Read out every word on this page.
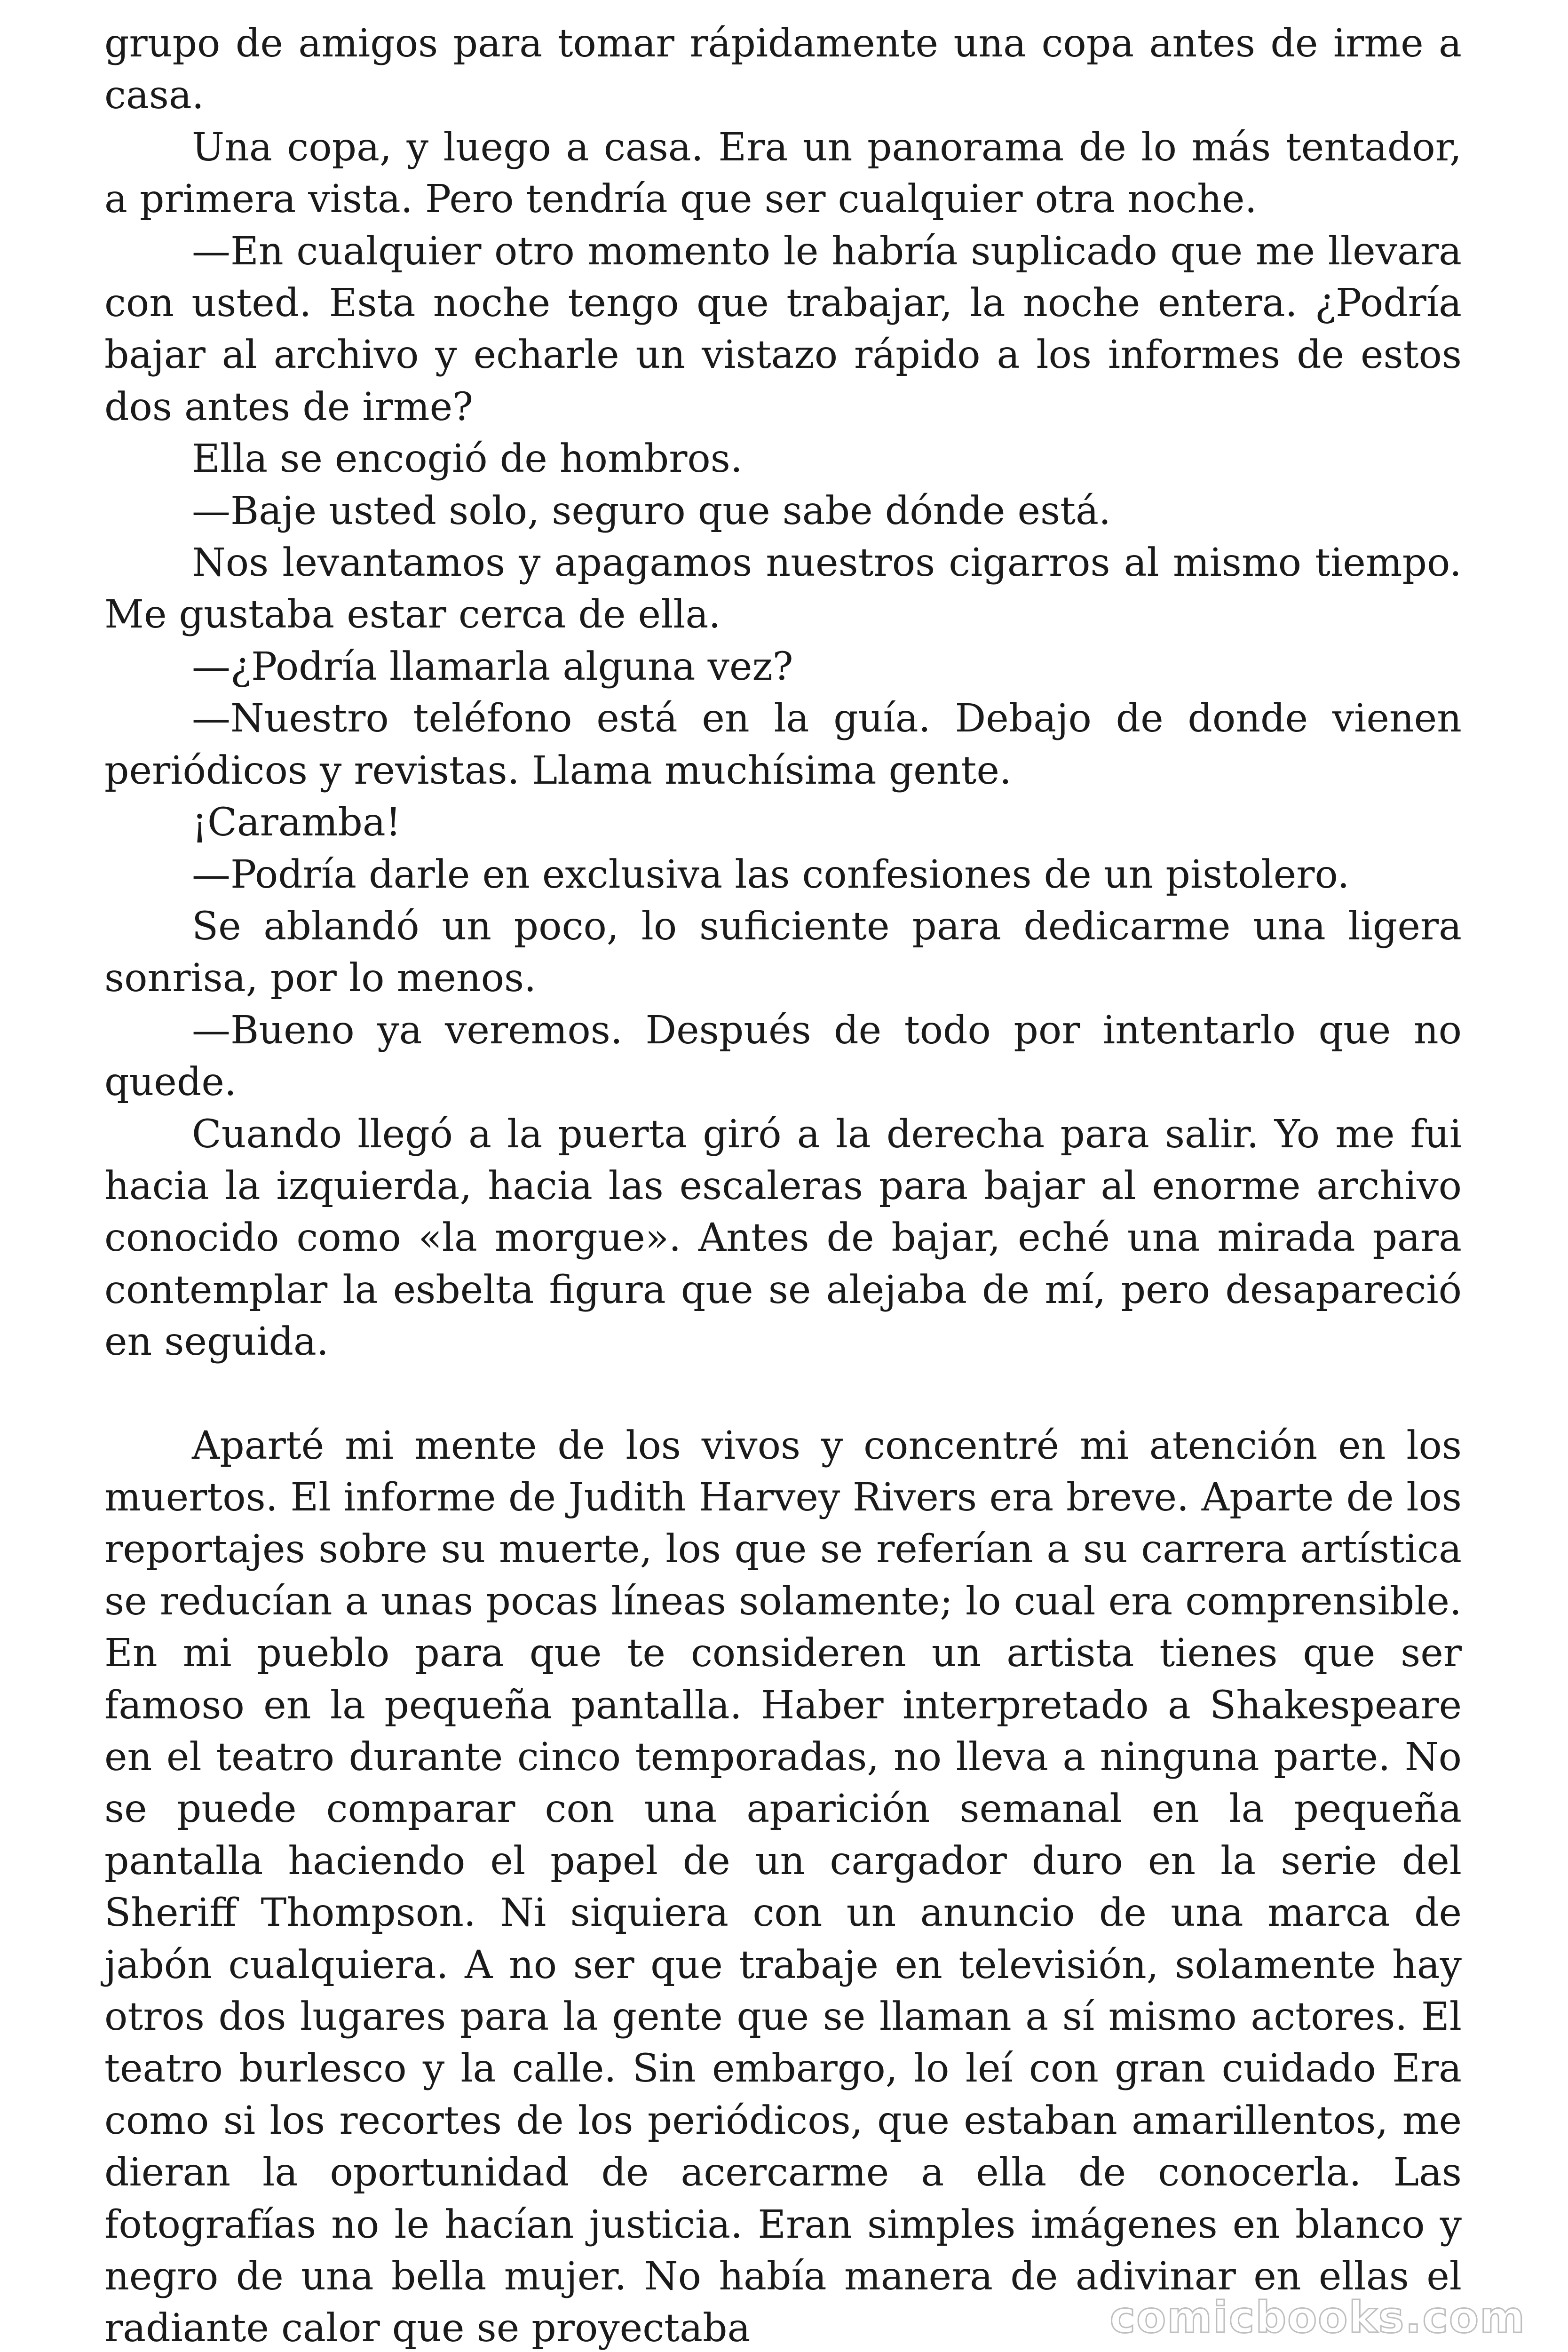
grupo de amigos para tomar rápidamente una copa antes de irme a casa.

Una copa, y luego a casa. Era un panorama de lo más tentador, a primera vista. Pero tendría que ser cualquier otra noche.

—En cualquier otro momento le habría suplicado que me llevara con usted. Esta noche tengo que trabajar, la noche entera. ¿Podría bajar al archivo y echarle un vistazo rápido a los informes de estos dos antes de irme?

Ella se encogió de hombros.

—Baje usted solo, seguro que sabe dónde está.

Nos levantamos y apagamos nuestros cigarros al mismo tiempo. Me gustaba estar cerca de ella.

—¿Podría llamarla alguna vez?

—Nuestro teléfono está en la guía. Debajo de donde vienen periódicos y revistas. Llama muchísima gente.

¡Caramba!

—Podría darle en exclusiva las confesiones de un pistolero.

Se ablandó un poco, lo suficiente para dedicarme una ligera sonrisa, por lo menos.

—Bueno ya veremos. Después de todo por intentarlo que no quede.

Cuando llegó a la puerta giró a la derecha para salir. Yo me fui hacia la izquierda, hacia las escaleras para bajar al enorme archivo conocido como «la morgue». Antes de bajar, eché una mirada para contemplar la esbelta figura que se alejaba de mí, pero desapareció en seguida.

Aparté mi mente de los vivos y concentré mi atención en los muertos. El informe de Judith Harvey Rivers era breve. Aparte de los reportajes sobre su muerte, los que se referían a su carrera artística se reducían a unas pocas líneas solamente; lo cual era comprensible. En mi pueblo para que te consideren un artista tienes que ser famoso en la pequeña pantalla. Haber interpretado a Shakespeare en el teatro durante cinco temporadas, no lleva a ninguna parte. No se puede comparar con una aparición semanal en la pequeña pantalla haciendo el papel de un cargador duro en la serie del Sheriff Thompson. Ni siquiera con un anuncio de una marca de jabón cualquiera. A no ser que trabaje en televisión, solamente hay otros dos lugares para la gente que se llaman a sí mismo actores. El teatro burlesco y la calle. Sin embargo, lo leí con gran cuidado Era como si los recortes de los periódicos, que estaban amarillentos, me dieran la oportunidad de acercarme a ella de conocerla. Las fotografías no le hacían justicia. Eran simples imágenes en blanco y negro de una bella mujer. No había manera de adivinar en ellas el radiante calor que se proyectaba	comicbooks.com
